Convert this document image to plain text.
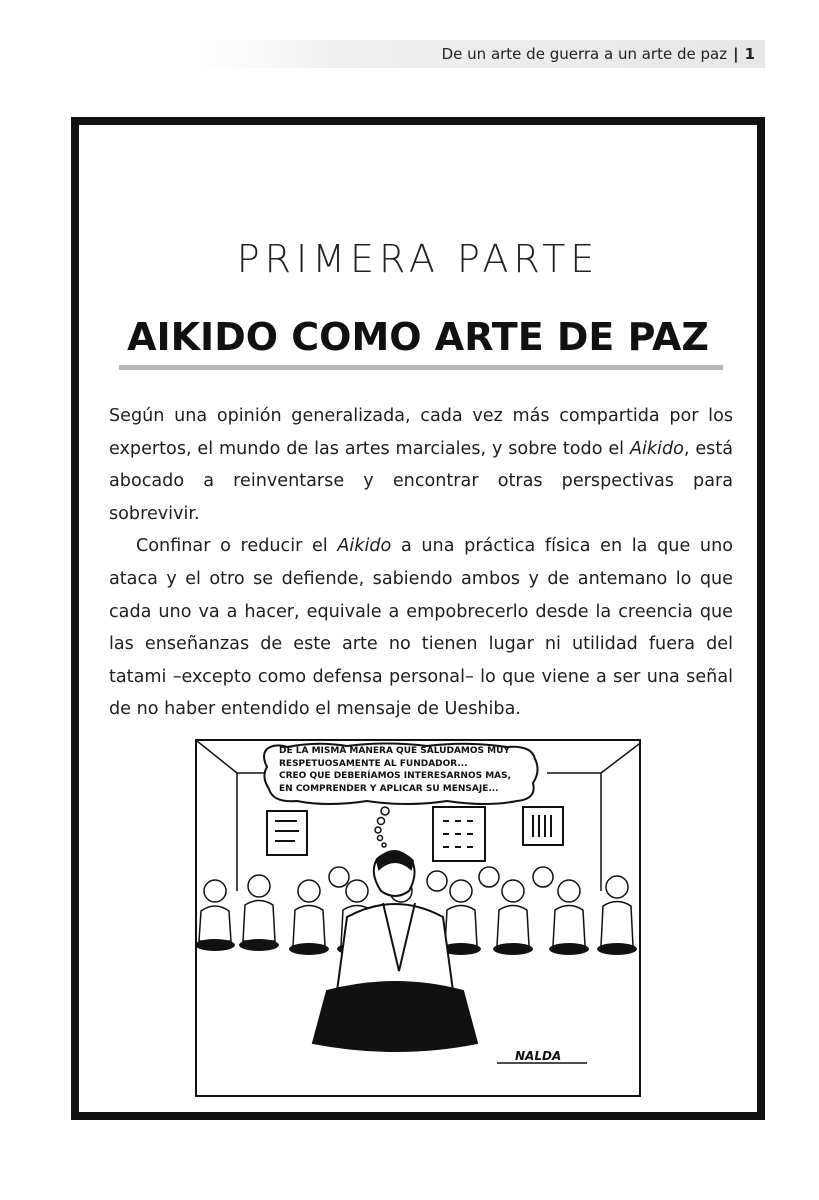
De un arte de guerra a un arte de paz | 1
PRIMERA PARTE
AIKIDO COMO ARTE DE PAZ

Según una opinión generalizada, cada vez más compartida por los expertos, el mundo de las artes marciales, y sobre todo el Aikido, está abocado a reinventarse y encontrar otras perspectivas para sobrevivir.

Confinar o reducir el Aikido a una práctica física en la que uno ataca y el otro se defiende, sabiendo ambos y de antemano lo que cada uno va a hacer, equivale a empobrecerlo desde la creencia que las enseñanzas de este arte no tienen lugar ni utilidad fuera del tatami –excepto como defensa personal– lo que viene a ser una señal de no haber entendido el mensaje de Ueshiba.

DE LA MISMA MANERA QUE SALUDAMOS MUY
RESPETUOSAMENTE AL FUNDADOR...
CREO QUE DEBERÍAMOS INTERESARNOS MAS,
EN COMPRENDER Y APLICAR SU MENSAJE...
NALDA
